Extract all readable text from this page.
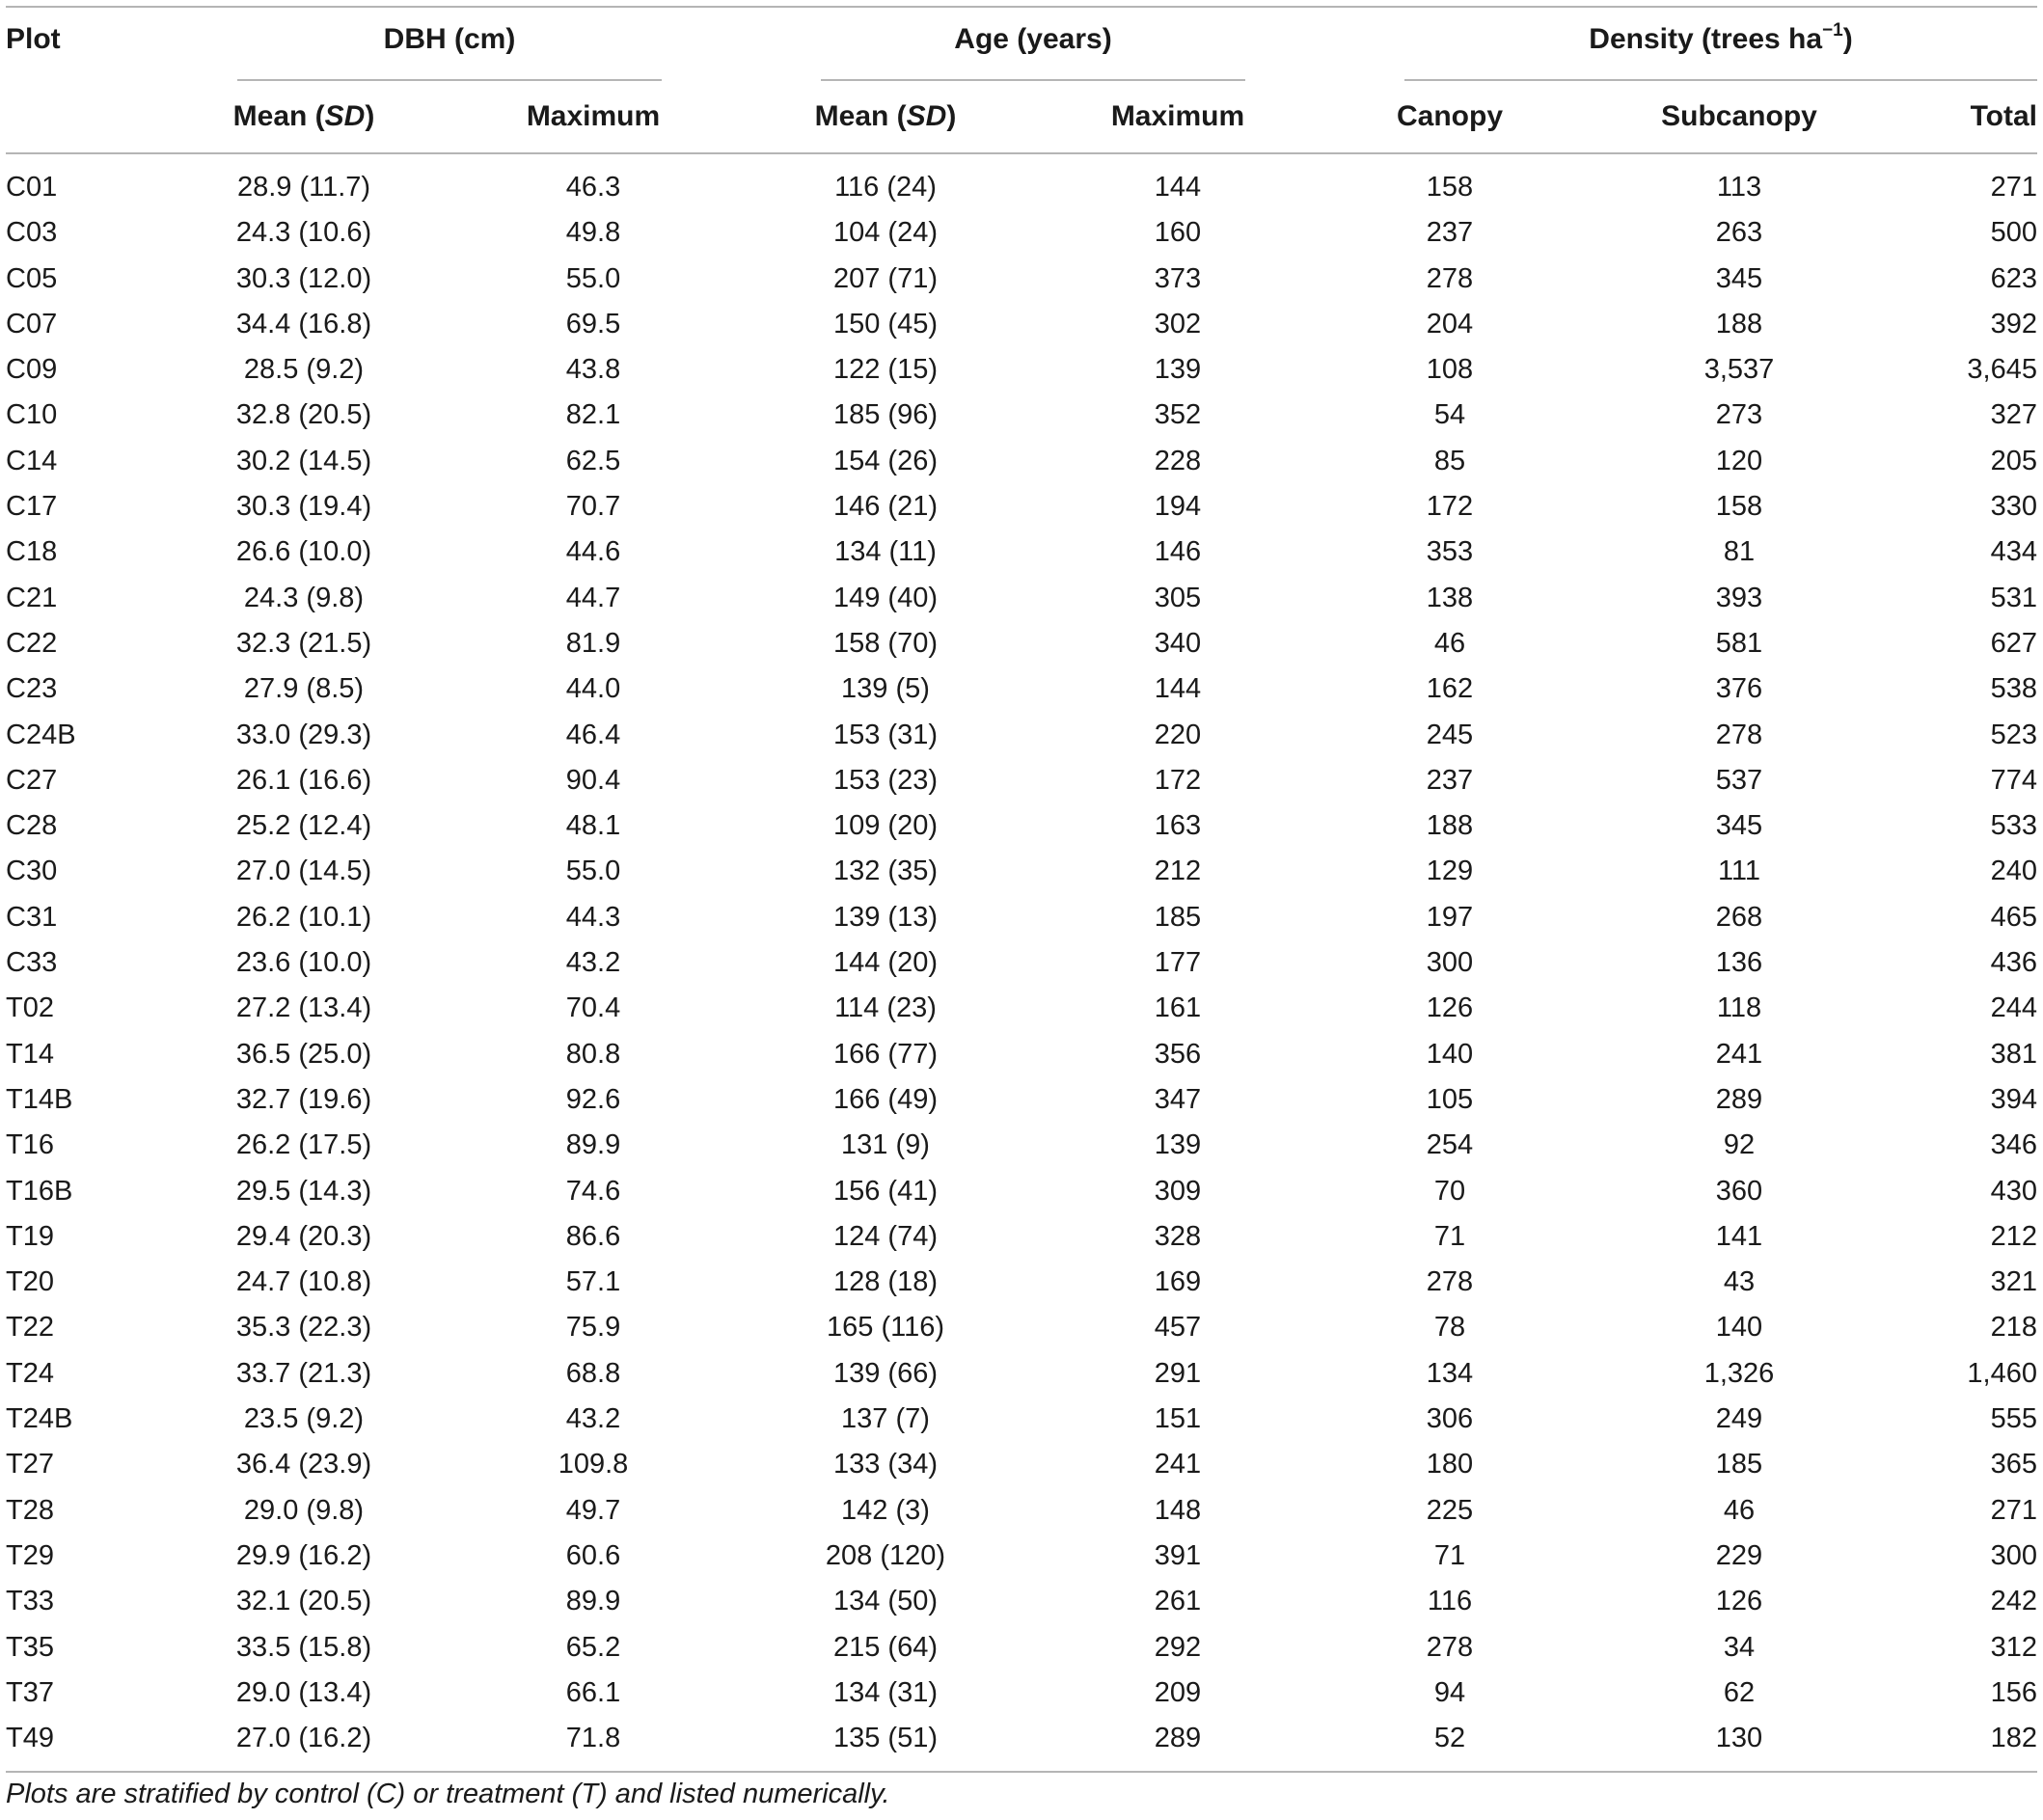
Plot	DBH (cm)	Age (years)	Density (trees $ha^{-1}$)
Mean (SD)	Maximum	Mean (SD)	Maximum	Canopy	Subcanopy	Total
C01	28.9 (11.7)	46.3	116 (24)	144	158	113	271
C03	24.3 (10.6)	49.8	104 (24)	160	237	263	500
C05	30.3 (12.0)	55.0	207 (71)	373	278	345	623
C07	34.4 (16.8)	69.5	150 (45)	302	204	188	392
C09	28.5 (9.2)	43.8	122 (15)	139	108	3,537	3,645
C10	32.8 (20.5)	82.1	185 (96)	352	54	273	327
C14	30.2 (14.5)	62.5	154 (26)	228	85	120	205
C17	30.3 (19.4)	70.7	146 (21)	194	172	158	330
C18	26.6 (10.0)	44.6	134 (11)	146	353	81	434
C21	24.3 (9.8)	44.7	149 (40)	305	138	393	531
C22	32.3 (21.5)	81.9	158 (70)	340	46	581	627
C23	27.9 (8.5)	44.0	139 (5)	144	162	376	538
C24B	33.0 (29.3)	46.4	153 (31)	220	245	278	523
C27	26.1 (16.6)	90.4	153 (23)	172	237	537	774
C28	25.2 (12.4)	48.1	109 (20)	163	188	345	533
C30	27.0 (14.5)	55.0	132 (35)	212	129	111	240
C31	26.2 (10.1)	44.3	139 (13)	185	197	268	465
C33	23.6 (10.0)	43.2	144 (20)	177	300	136	436
T02	27.2 (13.4)	70.4	114 (23)	161	126	118	244
T14	36.5 (25.0)	80.8	166 (77)	356	140	241	381
T14B	32.7 (19.6)	92.6	166 (49)	347	105	289	394
T16	26.2 (17.5)	89.9	131 (9)	139	254	92	346
T16B	29.5 (14.3)	74.6	156 (41)	309	70	360	430
T19	29.4 (20.3)	86.6	124 (74)	328	71	141	212
T20	24.7 (10.8)	57.1	128 (18)	169	278	43	321
T22	35.3 (22.3)	75.9	165 (116)	457	78	140	218
T24	33.7 (21.3)	68.8	139 (66)	291	134	1,326	1,460
T24B	23.5 (9.2)	43.2	137 (7)	151	306	249	555
T27	36.4 (23.9)	109.8	133 (34)	241	180	185	365
T28	29.0 (9.8)	49.7	142 (3)	148	225	46	271
T29	29.9 (16.2)	60.6	208 (120)	391	71	229	300
T33	32.1 (20.5)	89.9	134 (50)	261	116	126	242
T35	33.5 (15.8)	65.2	215 (64)	292	278	34	312
T37	29.0 (13.4)	66.1	134 (31)	209	94	62	156
T49	27.0 (16.2)	71.8	135 (51)	289	52	130	182
Plots are stratified by control (C) or treatment (T) and listed numerically.
